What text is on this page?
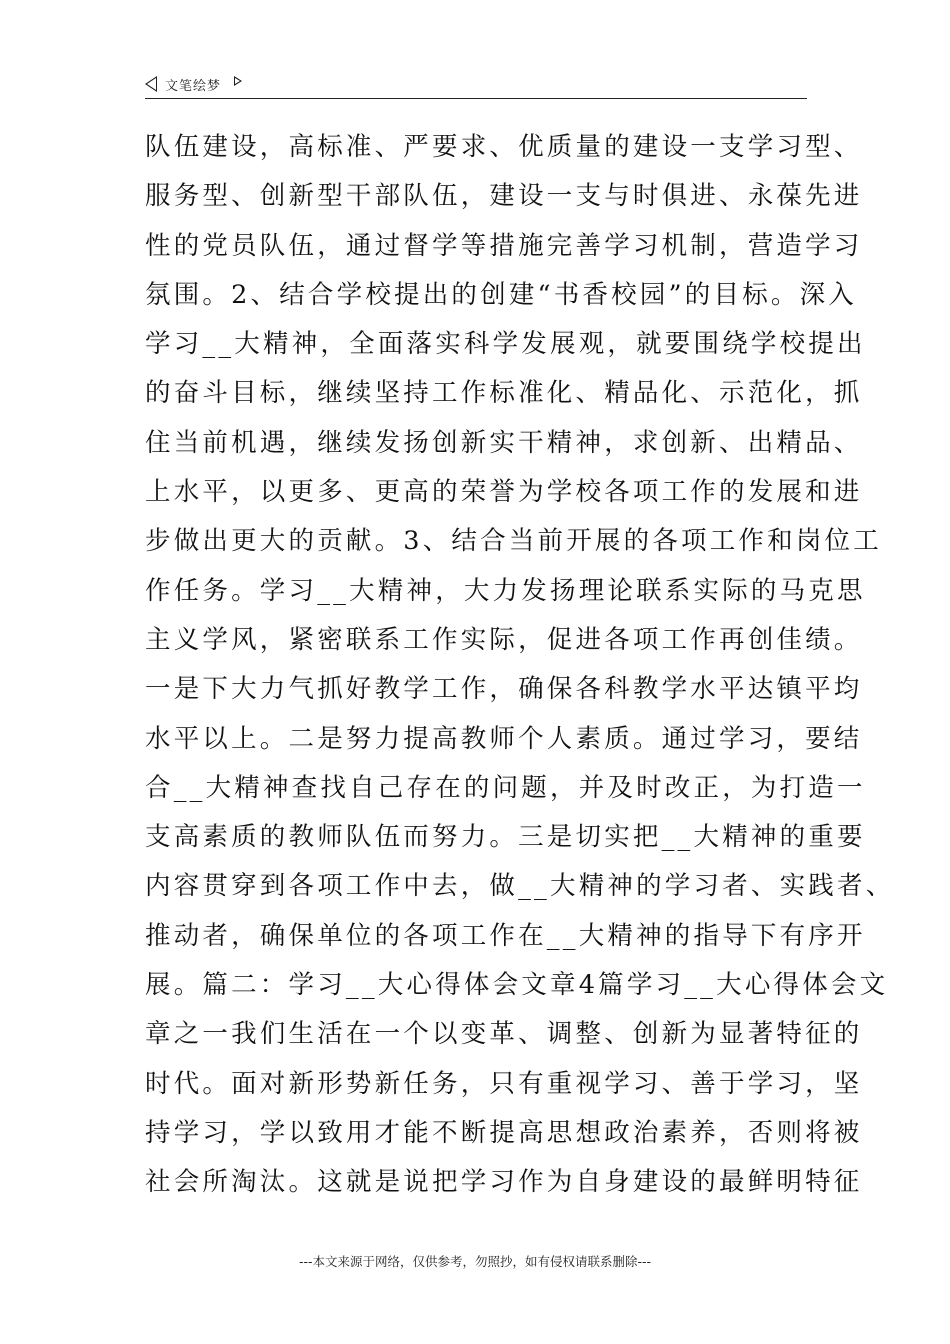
文笔绘梦
队伍建设，高标准、严要求、优质量的建设一支学习型、
服务型、创新型干部队伍，建设一支与时俱进、永葆先进
性的党员队伍，通过督学等措施完善学习机制，营造学习
氛围。2、结合学校提出的创建“书香校园”的目标。深入
学习__大精神，全面落实科学发展观，就要围绕学校提出
的奋斗目标，继续坚持工作标准化、精品化、示范化，抓
住当前机遇，继续发扬创新实干精神，求创新、出精品、
上水平，以更多、更高的荣誉为学校各项工作的发展和进
步做出更大的贡献。3、结合当前开展的各项工作和岗位工
作任务。学习__大精神，大力发扬理论联系实际的马克思
主义学风，紧密联系工作实际，促进各项工作再创佳绩。
一是下大力气抓好教学工作，确保各科教学水平达镇平均
水平以上。二是努力提高教师个人素质。通过学习，要结
合__大精神查找自己存在的问题，并及时改正，为打造一
支高素质的教师队伍而努力。三是切实把__大精神的重要
内容贯穿到各项工作中去，做__大精神的学习者、实践者、
推动者，确保单位的各项工作在__大精神的指导下有序开
展。篇二：学习__大心得体会文章4篇学习__大心得体会文
章之一我们生活在一个以变革、调整、创新为显著特征的
时代。面对新形势新任务，只有重视学习、善于学习，坚
持学习，学以致用才能不断提高思想政治素养，否则将被
社会所淘汰。这就是说把学习作为自身建设的最鲜明特征
---本文来源于网络，仅供参考，勿照抄，如有侵权请联系删除---
